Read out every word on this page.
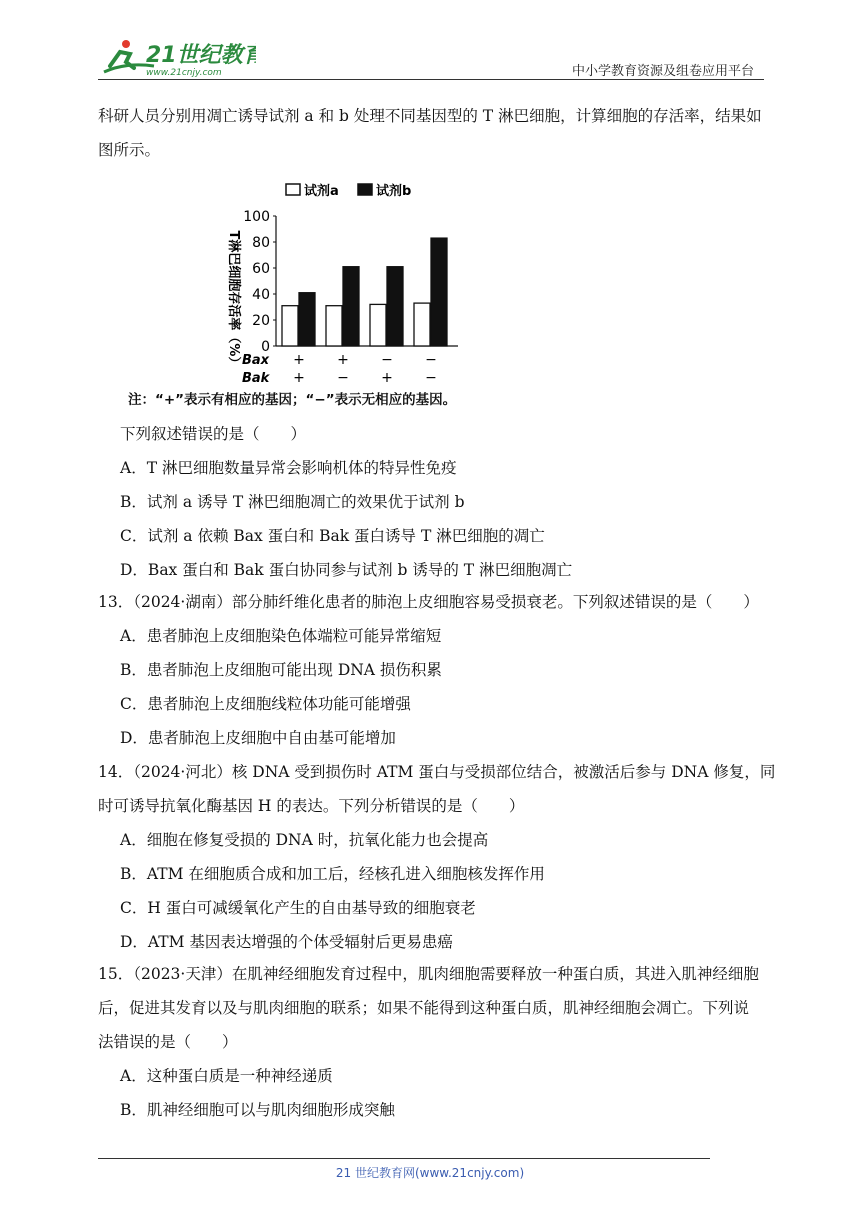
21世纪教育
www.21cnjy.com	中小学教育资源及组卷应用平台
科研人员分别用凋亡诱导试剂 a 和 b 处理不同基因型的 T 淋巴细胞，计算细胞的存活率，结果如
图所示。
试剂a	试剂b
T淋巴细胞存活率（%）
100
80
60
40
20
0
Bax
Bak
+
+
+
−
−
+
−
−
注：“+”表示有相应的基因；“−”表示无相应的基因。
下列叙述错误的是（　　）
A．T 淋巴细胞数量异常会影响机体的特异性免疫
B．试剂 a 诱导 T 淋巴细胞凋亡的效果优于试剂 b
C．试剂 a 依赖 Bax 蛋白和 Bak 蛋白诱导 T 淋巴细胞的凋亡
D．Bax 蛋白和 Bak 蛋白协同参与试剂 b 诱导的 T 淋巴细胞凋亡
13．（2024·湖南）部分肺纤维化患者的肺泡上皮细胞容易受损衰老。下列叙述错误的是（　　）
A．患者肺泡上皮细胞染色体端粒可能异常缩短
B．患者肺泡上皮细胞可能出现 DNA 损伤积累
C．患者肺泡上皮细胞线粒体功能可能增强
D．患者肺泡上皮细胞中自由基可能增加
14．（2024·河北）核 DNA 受到损伤时 ATM 蛋白与受损部位结合，被激活后参与 DNA 修复，同
时可诱导抗氧化酶基因 H 的表达。下列分析错误的是（　　）
A．细胞在修复受损的 DNA 时，抗氧化能力也会提高
B．ATM 在细胞质合成和加工后，经核孔进入细胞核发挥作用
C．H 蛋白可减缓氧化产生的自由基导致的细胞衰老
D．ATM 基因表达增强的个体受辐射后更易患癌
15．（2023·天津）在肌神经细胞发育过程中，肌肉细胞需要释放一种蛋白质，其进入肌神经细胞
后，促进其发育以及与肌肉细胞的联系；如果不能得到这种蛋白质，肌神经细胞会凋亡。下列说
法错误的是（　　）
A．这种蛋白质是一种神经递质
B．肌神经细胞可以与肌肉细胞形成突触
21 世纪教育网(www.21cnjy.com)
